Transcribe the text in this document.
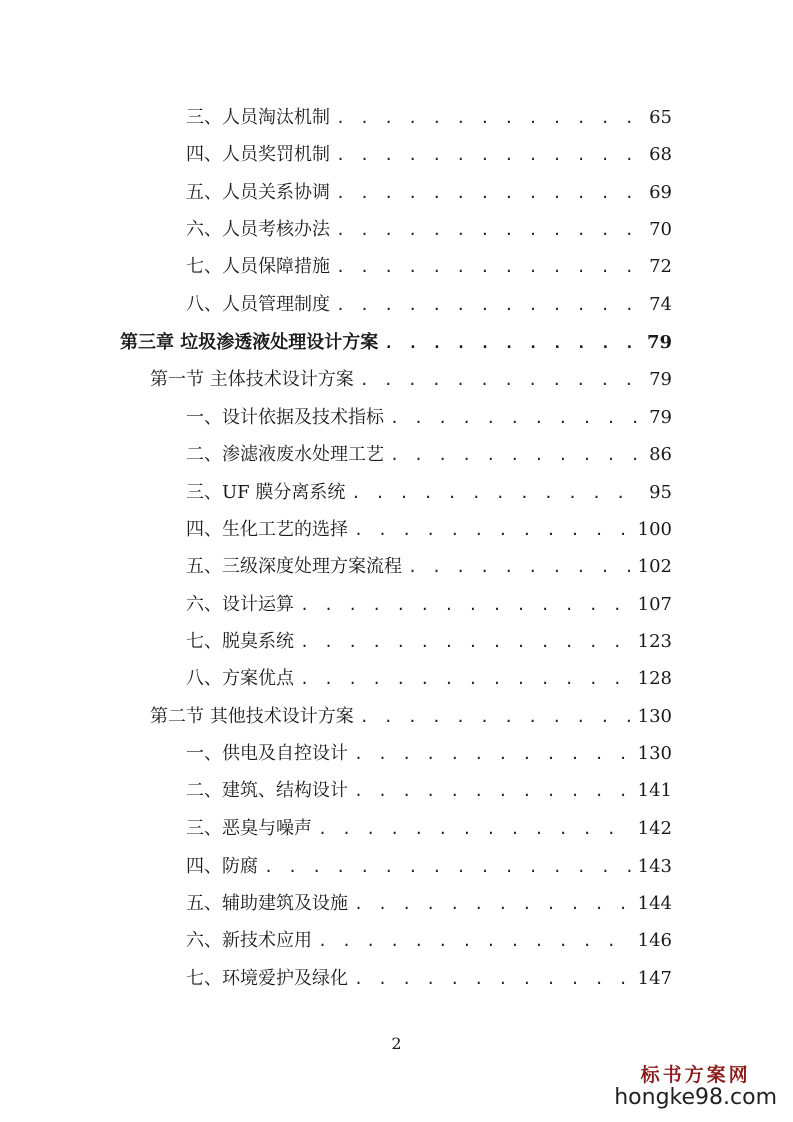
三、人员淘汰机制 . . .	65
四、人员奖罚机制 . . .	68
五、人员关系协调 . . .	69
六、人员考核办法 . . .	70
七、人员保障措施 . . .	72
八、人员管理制度 . . .	74
第三章 垃圾渗透液处理设计方案 . . .	79
第一节 主体技术设计方案 . . .	79
一、设计依据及技术指标 . . .	79
二、渗滤液废水处理工艺 . . .	86
三、UF 膜分离系统 . . .	95
四、生化工艺的选择 . . .	100
五、三级深度处理方案流程 . . .	102
六、设计运算 . . .	107
七、脱臭系统 . . .	123
八、方案优点 . . .	128
第二节 其他技术设计方案 . . .	130
一、供电及自控设计 . . .	130
二、建筑、结构设计 . . .	141
三、恶臭与噪声 . . .	142
四、防腐 . . .	143
五、辅助建筑及设施 . . .	144
六、新技术应用 . . .	146
七、环境爱护及绿化 . . .	147
2
标书方案网
hongke98.com
